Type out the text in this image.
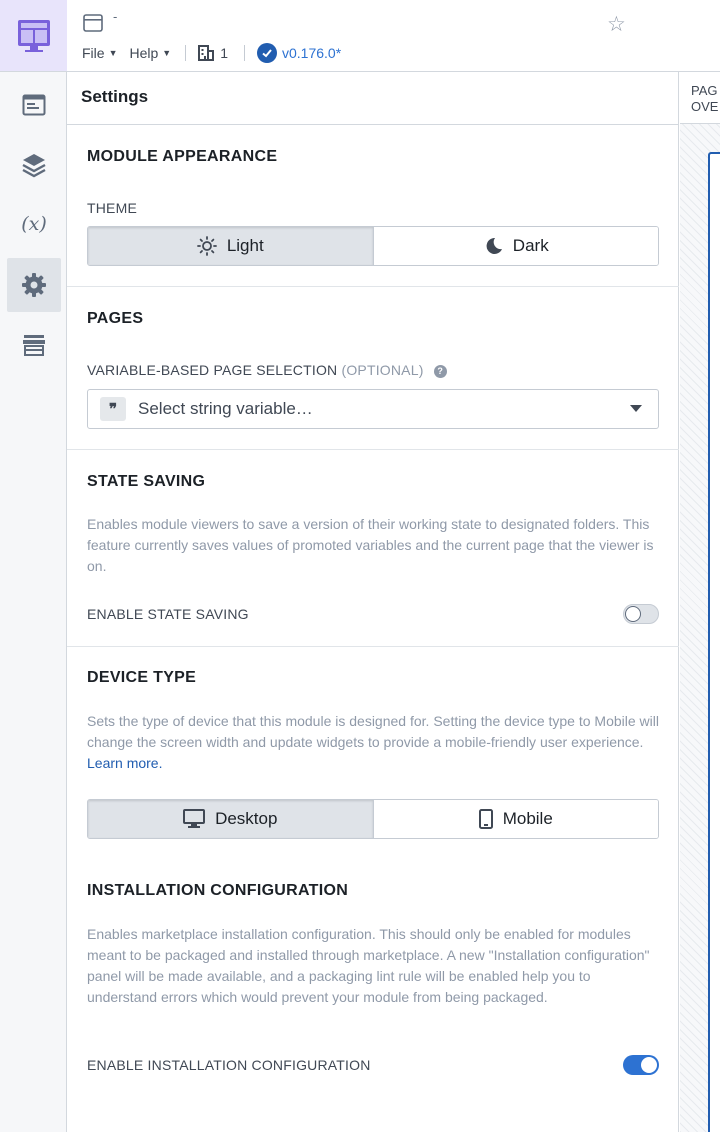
(x)
-	☆
File ▼ Help ▼	1	v0.176.0*
Settings
MODULE APPEARANCE
THEME
Light	Dark
PAGES
VARIABLE-BASED PAGE SELECTION (OPTIONAL) ?
❞	Select string variable…
STATE SAVING
Enables module viewers to save a version of their working state to designated folders. This feature currently saves values of promoted variables and the current page that the viewer is on.
ENABLE STATE SAVING
DEVICE TYPE
Sets the type of device that this module is designed for. Setting the device type to Mobile will change the screen width and update widgets to provide a mobile-friendly user experience. Learn more.
Desktop	Mobile
INSTALLATION CONFIGURATION
Enables marketplace installation configuration. This should only be enabled for modules meant to be packaged and installed through marketplace. A new "Installation configuration" panel will be made available, and a packaging lint rule will be enabled help you to understand errors which would prevent your module from being packaged.
ENABLE INSTALLATION CONFIGURATION
PAG
OVE
